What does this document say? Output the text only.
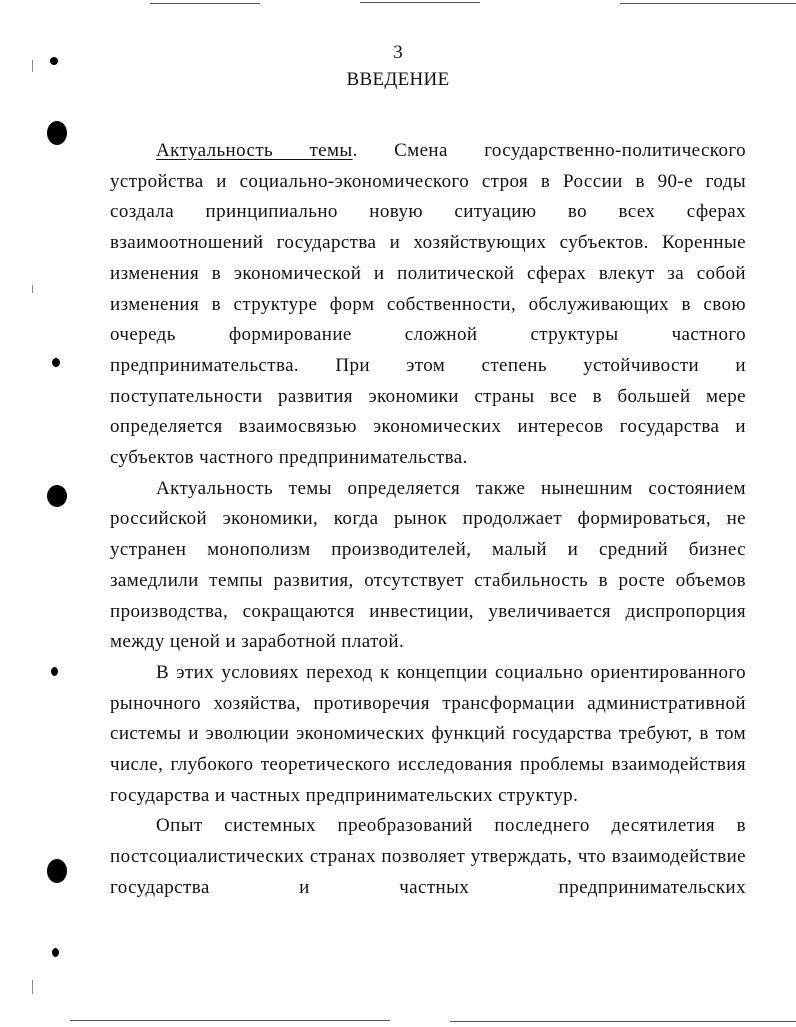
3
ВВЕДЕНИЕ

Актуальность темы. Смена государственно-политического устройства и социально-экономического строя в России в 90-е годы создала принципиально новую ситуацию во всех сферах взаимоотношений государства и хозяйствующих субъектов. Коренные изменения в экономической и политической сферах влекут за собой изменения в структуре форм собственности, обслуживающих в свою очередь формирование сложной структуры частного предпринимательства. При этом степень устойчивости и поступательности развития экономики страны все в большей мере определяется взаимосвязью экономических интересов государства и субъектов частного предпринимательства.

Актуальность темы определяется также нынешним состоянием российской экономики, когда рынок продолжает формироваться, не устранен монополизм производителей, малый и средний бизнес замедлили темпы развития, отсутствует стабильность в росте объемов производства, сокращаются инвестиции, увеличивается диспропорция между ценой и заработной платой.

В этих условиях переход к концепции социально ориентированного рыночного хозяйства, противоречия трансформации административной системы и эволюции экономических функций государства требуют, в том числе, глубокого теоретического исследования проблемы взаимодействия государства и частных предпринимательских структур.

Опыт системных преобразований последнего десятилетия в постсоциалистических странах позволяет утверждать, что взаимодействие государства и частных предпринимательских
